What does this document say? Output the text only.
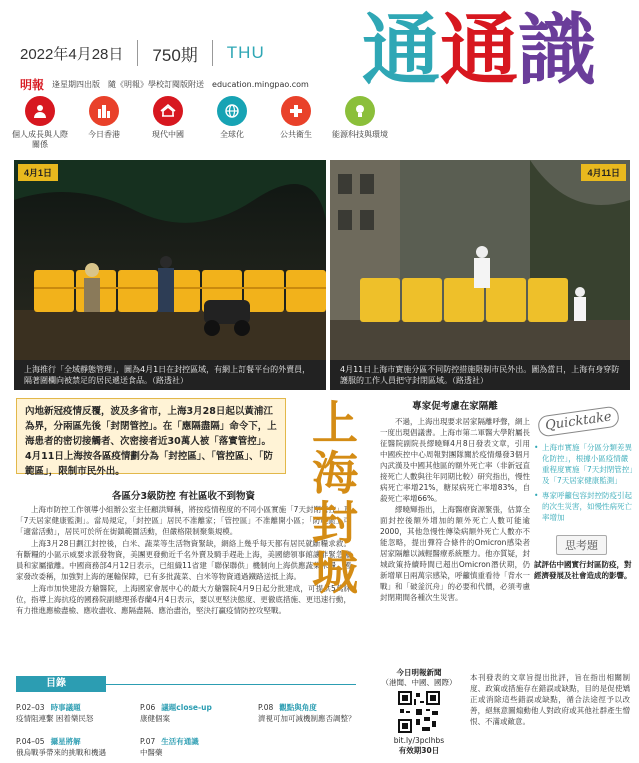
2022年4月28日 750期 THU
明報 逢星期四出版 隨《明報》學校訂閱版附送 education.mingpao.com 通 通 識
個人成長與人際關係
今日香港	現代中國	全球化	公共衛生	能源科技與環境
4月1日	4月11日
上海推行「全域靜態管理」，圖為4月1日在封控區域，有網上訂餐平台的外賣員，隔著圍欄向被禁足的居民遞送食品。（路透社）
4月11日上海市實施分區不同防控措施限制市民外出。圖為當日，上海有身穿防護服的工作人員把守封閉區域。（路透社）
內地新冠疫情反覆，波及多省市，上海3月28日起以黃浦江為界，分兩區先後「封閉管控」。在「應隔盡隔」命令下，上海患者的密切接觸者、次密接者近30萬人被「落實管控」。4月11日上海按各區疫情劃分為「封控區」、「管控區」、「防範區」，限制市民外出。
各區分3級防控 有社區收不到物資

上海市防控工作領導小組辦公室主任顧洪輝稱，將按疫情程度的不同小區實施「7天封閉管控」及「7天居家健康監測」。當局規定，「封控區」居民不准離家；「管控區」不准離開小區；「防範區」可「適當活動」，居民可於所在街鎮範圍活動，但嚴格限制聚集規模。

上海3月28日劃江封控後，白米、蔬菜等生活物資緊缺，網絡上幾乎每天都有居民就斷糧求救。有斷糧的小區示威要求派發物資，美團更發動近千名外賣及騎手趕赴上海，美國總領事館讓非緊急僱員和家屬撤離。中國商務部4月12日表示，已組織11省建「聯保聯供」機制向上海供應蔬菜米糧。國家發改委稱，加強對上海的運輸保障，已有多批蔬菜、白米等物資通過鐵路送抵上海。

上海市加快建設方艙醫院，上海國家會展中心的最大方艙醫院4月9日起分批建成，可提供5萬牀位，指導上海抗疫的國務院副總理孫春蘭4月4日表示，要以更堅決態度、更徹底措施、更迅速行動，有力推進應檢盡檢、應收盡收、應隔盡隔、應治盡治，堅決打贏疫情防控攻堅戰。

上海封城
專家促考慮在家隔離

不過，上海出現要求居家隔離呼聲，網上一度出現倡議書。上海市第二軍醫大學附屬長征醫院副院長繆曉輝4月8日發表文章，引用中國疾控中心周報對團隊關於疫情爆發3個月內武漢及中國其他區的額外死亡率（非新冠直接死亡人數與往年同期比較）研究指出，慢性病死亡率增21%，糖尿病死亡率增83%，自殺死亡率增66%。

繆曉輝指出，上海醫療資源緊張，估算全面封控後額外增加的額外死亡人數可能逾2000，其他急慢性傳染病額外死亡人數亦不能忽略，提出彈符合條件的Omicron感染者居家隔離以減輕醫療系統壓力。他亦質疑，封城政策持續時間已超出Omicron潛伏期，仍新增單日兩萬宗感染，呼籲慎重看待「背水一戰」和「破釜沉舟」的必要和代價，必須考慮封閉期間各種次生災害。

Quicktake
• 上海市實施「分區分類差異化防控」，根據小區疫情嚴重程度實施「7天封閉管控」及「7天居家健康監測」
• 專家呼籲包容封控防疫引起的次生災害，如慢性病死亡率增加
思考題
試評估中國實行封區防疫，對經濟發展及社會造成的影響。
目錄
P.02–03 時事議題
疫情阻連繫 困着樂民怒
P.06 議題close-up
康健個案
P.08 觀點與角度
濟視可加可減機制應否調整？
P.04–05 攝星將解
俄烏戰爭帶來的挑戰和機遇
P.07 生活有通識
中醫藥
今日明報新聞
（港聞、中國、國際）
bit.ly/3pclhbs
有效期30日
本刊發表的文章旨提出批評，旨在指出相關制度、政策或措施存在錯誤或缺點，目的是促使矯正或消除這些錯誤或缺點，循合法途徑予以改善，絕無意圖煽動他人對政府或其他社群產生憎恨、不滿或敵意。
